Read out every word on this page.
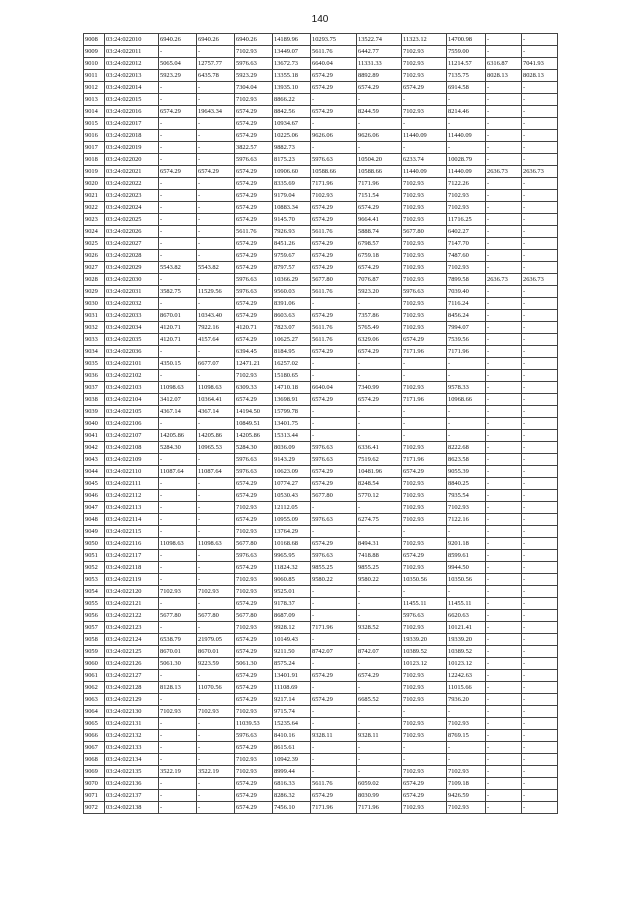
140
9008	03:24:022010	6940.26	6940.26	6940.26	14189.96	10293.75	13522.74	11323.12	14700.98	-	-
9009	03:24:022011	-	-	7102.93	13449.07	5611.76	6442.77	7102.93	7559.00	-	-
9010	03:24:022012	5065.04	12757.77	5976.63	13672.73	6640.04	11331.33	7102.93	11214.57	6316.87	7041.93
9011	03:24:022013	5923.29	6435.78	5923.29	13355.18	6574.29	8892.89	7102.93	7135.75	8028.13	8028.13
9012	03:24:022014	-	-	7304.04	13935.10	6574.29	6574.29	6574.29	6914.58	-	-
9013	03:24:022015	-	-	7102.93	8866.22	-	-	-	-	-	-
9014	03:24:022016	6574.29	19643.34	6574.29	8842.56	6574.29	8244.59	7102.93	8214.46	-	-
9015	03:24:022017	-	-	6574.29	10934.67	-	-	-	-	-	-
9016	03:24:022018	-	-	6574.29	10225.06	9626.06	9626.06	11440.09	11440.09	-	-
9017	03:24:022019	-	-	3822.57	9882.73	-	-	-	-	-	-
9018	03:24:022020	-	-	5976.63	8175.23	5976.63	10504.20	6233.74	10028.79	-	-
9019	03:24:022021	6574.29	6574.29	6574.29	10906.60	10588.66	10588.66	11440.09	11440.09	2636.73	2636.73
9020	03:24:022022	-	-	6574.29	8335.69	7171.96	7171.96	7102.93	7122.26	-	-
9021	03:24:022023	-	-	6574.29	9179.04	7102.93	7151.54	7102.93	7102.93	-	-
9022	03:24:022024	-	-	6574.29	10883.34	6574.29	6574.29	7102.93	7102.93	-	-
9023	03:24:022025	-	-	6574.29	9145.70	6574.29	9664.41	7102.93	11716.25	-	-
9024	03:24:022026	-	-	5611.76	7926.93	5611.76	5888.74	5677.80	6402.27	-	-
9025	03:24:022027	-	-	6574.29	8451.26	6574.29	6798.57	7102.93	7147.70	-	-
9026	03:24:022028	-	-	6574.29	9759.67	6574.29	6759.18	7102.93	7487.60	-	-
9027	03:24:022029	5543.82	5543.82	6574.29	8797.57	6574.29	6574.29	7102.93	7102.93	-	-
9028	03:24:022030	-	-	5976.63	10366.29	5677.80	7076.87	7102.93	7899.58	2636.73	2636.73
9029	03:24:022031	3582.75	11529.56	5976.63	9560.03	5611.76	5923.20	5976.63	7039.40	-	-
9030	03:24:022032	-	-	6574.29	8391.06	-	-	7102.93	7116.24	-	-
9031	03:24:022033	8670.01	10343.40	6574.29	8603.63	6574.29	7357.86	7102.93	8456.24	-	-
9032	03:24:022034	4120.71	7922.16	4120.71	7823.07	5611.76	5765.49	7102.93	7994.07	-	-
9033	03:24:022035	4120.71	4157.64	6574.29	10625.27	5611.76	6329.06	6574.29	7539.56	-	-
9034	03:24:022036	-	-	6394.45	8184.95	6574.29	6574.29	7171.96	7171.96	-	-
9035	03:24:022101	4350.15	6677.07	12471.21	16257.02	-	-	-	-	-	-
9036	03:24:022102	-	-	7102.93	15180.65	-	-	-	-	-	-
9037	03:24:022103	11098.63	11098.63	6309.33	14710.18	6640.04	7340.99	7102.93	9578.33	-	-
9038	03:24:022104	3412.07	10364.41	6574.29	13698.91	6574.29	6574.29	7171.96	10968.66	-	-
9039	03:24:022105	4367.14	4367.14	14194.50	15799.78	-	-	-	-	-	-
9040	03:24:022106	-	-	10849.51	13401.75	-	-	-	-	-	-
9041	03:24:022107	14205.86	14205.86	14205.86	15313.44	-	-	-	-	-	-
9042	03:24:022108	5284.30	10965.53	5284.30	8036.09	5976.63	6336.41	7102.93	8222.68	-	-
9043	03:24:022109	-	-	5976.63	9143.29	5976.63	7519.62	7171.96	8623.58	-	-
9044	03:24:022110	11087.64	11087.64	5976.63	10623.09	6574.29	10481.96	6574.29	9055.39	-	-
9045	03:24:022111	-	-	6574.29	10774.27	6574.29	8248.54	7102.93	8840.25	-	-
9046	03:24:022112	-	-	6574.29	10530.43	5677.80	5770.12	7102.93	7935.54	-	-
9047	03:24:022113	-	-	7102.93	12112.05	-	-	7102.93	7102.93	-	-
9048	03:24:022114	-	-	6574.29	10955.09	5976.63	6274.75	7102.93	7122.16	-	-
9049	03:24:022115	-	-	7102.93	13764.29	-	-	-	-	-	-
9050	03:24:022116	11098.63	11098.63	5677.80	10168.68	6574.29	8494.31	7102.93	9201.18	-	-
9051	03:24:022117	-	-	5976.63	9965.95	5976.63	7418.88	6574.29	8599.61	-	-
9052	03:24:022118	-	-	6574.29	11824.32	9855.25	9855.25	7102.93	9944.50	-	-
9053	03:24:022119	-	-	7102.93	9060.85	9580.22	9580.22	10350.56	10350.56	-	-
9054	03:24:022120	7102.93	7102.93	7102.93	9525.01	-	-	-	-	-	-
9055	03:24:022121	-	-	6574.29	9178.37	-	-	11455.11	11455.11	-	-
9056	03:24:022122	5677.80	5677.80	5677.80	8687.09	-	-	5976.63	6620.63	-	-
9057	03:24:022123	-	-	7102.93	9928.12	7171.96	9328.52	7102.93	10121.41	-	-
9058	03:24:022124	6538.79	21979.05	6574.29	10149.43	-	-	19339.20	19339.20	-	-
9059	03:24:022125	8670.01	8670.01	6574.29	9211.50	8742.07	8742.07	10389.52	10389.52	-	-
9060	03:24:022126	5061.30	9223.59	5061.30	8575.24	-	-	10123.12	10123.12	-	-
9061	03:24:022127	-	-	6574.29	13401.91	6574.29	6574.29	7102.93	12242.63	-	-
9062	03:24:022128	8128.13	11070.56	6574.29	11108.69	-	-	7102.93	11015.66	-	-
9063	03:24:022129	-	-	6574.29	9217.14	6574.29	6685.52	7102.93	7936.20	-	-
9064	03:24:022130	7102.93	7102.93	7102.93	9715.74	-	-	-	-	-	-
9065	03:24:022131	-	-	11039.53	15235.64	-	-	7102.93	7102.93	-	-
9066	03:24:022132	-	-	5976.63	8410.16	9328.11	9328.11	7102.93	8769.15	-	-
9067	03:24:022133	-	-	6574.29	8615.61	-	-	-	-	-	-
9068	03:24:022134	-	-	7102.93	10942.39	-	-	-	-	-	-
9069	03:24:022135	3522.19	3522.19	7102.93	8999.44	-	-	7102.93	7102.93	-	-
9070	03:24:022136	-	-	6574.29	6816.33	5611.76	6059.02	6574.29	7109.18	-	-
9071	03:24:022137	-	-	6574.29	8286.32	6574.29	8030.99	6574.29	9426.59	-	-
9072	03:24:022138	-	-	6574.29	7456.10	7171.96	7171.96	7102.93	7102.93	-	-
